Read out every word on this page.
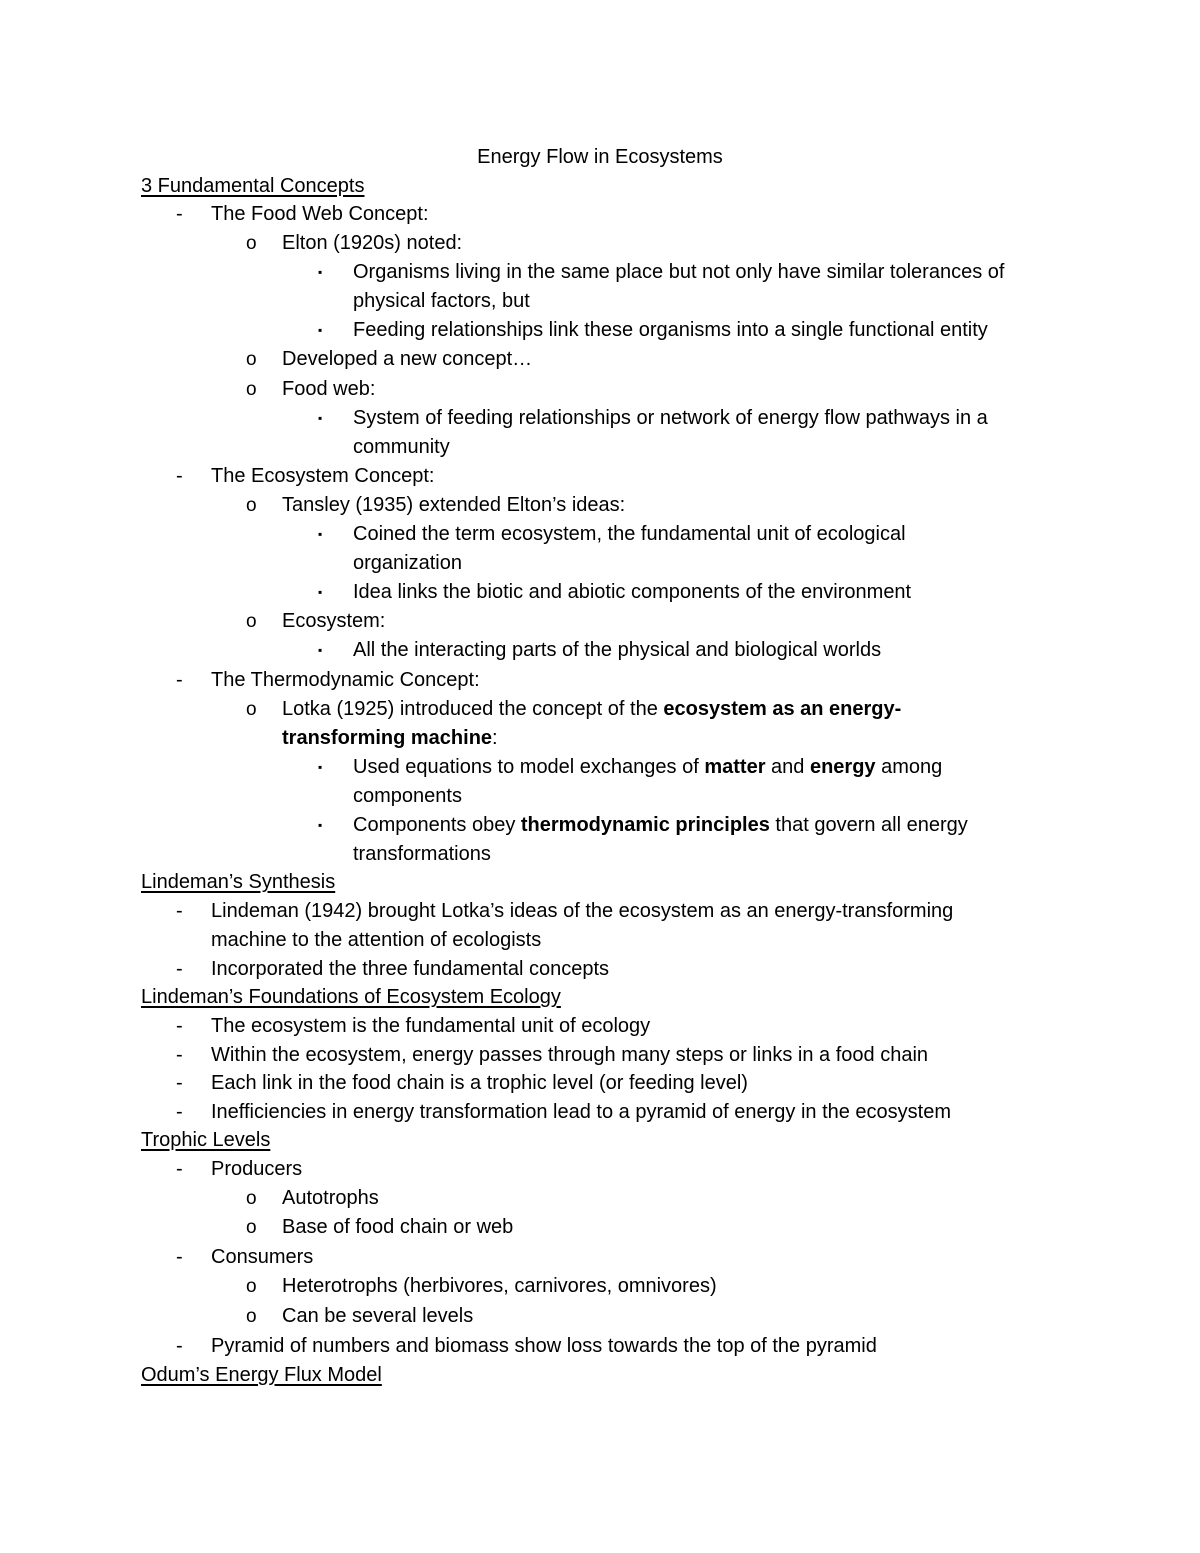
Energy Flow in Ecosystems
3 Fundamental Concepts
- The Food Web Concept:
o Elton (1920s) noted:
▪ Organisms living in the same place but not only have similar tolerances of
physical factors, but
▪ Feeding relationships link these organisms into a single functional entity
o Developed a new concept…
o Food web:
▪ System of feeding relationships or network of energy flow pathways in a
community
- The Ecosystem Concept:
o Tansley (1935) extended Elton’s ideas:
▪ Coined the term ecosystem, the fundamental unit of ecological
organization
▪ Idea links the biotic and abiotic components of the environment
o Ecosystem:
▪ All the interacting parts of the physical and biological worlds
- The Thermodynamic Concept:
o Lotka (1925) introduced the concept of the ecosystem as an energy-
transforming machine:
▪ Used equations to model exchanges of matter and energy among
components
▪ Components obey thermodynamic principles that govern all energy
transformations
Lindeman’s Synthesis
- Lindeman (1942) brought Lotka’s ideas of the ecosystem as an energy-transforming
machine to the attention of ecologists
- Incorporated the three fundamental concepts
Lindeman’s Foundations of Ecosystem Ecology
- The ecosystem is the fundamental unit of ecology
- Within the ecosystem, energy passes through many steps or links in a food chain
- Each link in the food chain is a trophic level (or feeding level)
- Inefficiencies in energy transformation lead to a pyramid of energy in the ecosystem
Trophic Levels
- Producers
o Autotrophs
o Base of food chain or web
- Consumers
o Heterotrophs (herbivores, carnivores, omnivores)
o Can be several levels
- Pyramid of numbers and biomass show loss towards the top of the pyramid
Odum’s Energy Flux Model
